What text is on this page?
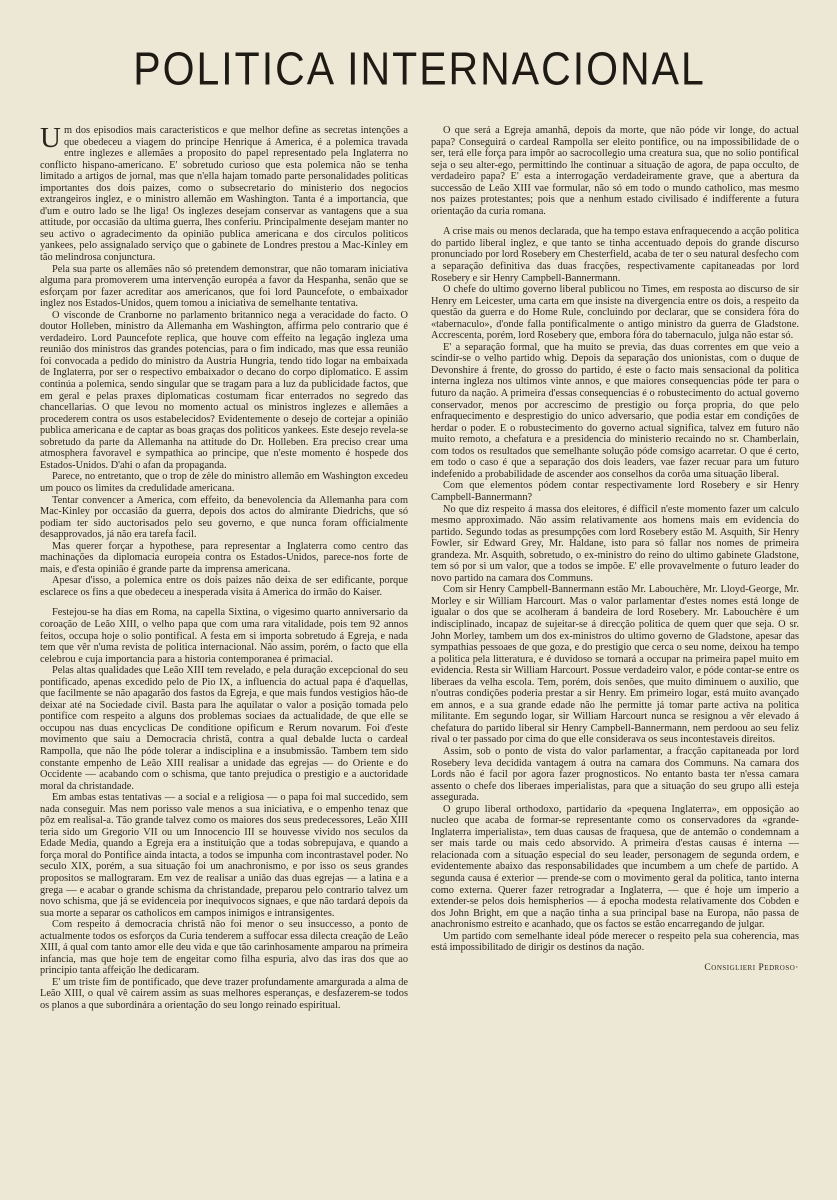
POLITICA INTERNACIONAL

Um dos episodios mais caracteristicos e que melhor define as secretas intenções a que obedeceu a viagem do principe Henrique á America, é a polemica travada entre inglezes e allemães a proposito do papel representado pela Inglaterra no conflicto hispano-americano. E' sobretudo curioso que esta polemica não se tenha limitado a artigos de jornal, mas que n'ella hajam tomado parte personalidades politicas importantes dos dois paizes, como o subsecretario do ministerio dos negocios extrangeiros inglez, e o ministro allemão em Washington. Tanta é a importancia, que d'um e outro lado se lhe liga! Os inglezes desejam conservar as vantagens que a sua attitude, por occasião da ultima guerra, lhes conferiu. Principalmente desejam manter no seu activo o agradecimento da opinião publica americana e dos circulos politicos yankees, pelo assignalado serviço que o gabinete de Londres prestou a Mac-Kinley em tão melindrosa conjunctura.

Pela sua parte os allemães não só pretendem demonstrar, que não tomaram iniciativa alguma para promoverem uma intervenção européa a favor da Hespanha, senão que se esforçam por fazer acreditar aos americanos, que foi lord Pauncefote, o embaixador inglez nos Estados-Unidos, quem tomou a iniciativa de semelhante tentativa.

O visconde de Cranborne no parlamento britannico nega a veracidade do facto. O doutor Holleben, ministro da Allemanha em Washington, affirma pelo contrario que é verdadeiro. Lord Pauncefote replica, que houve com effeito na legação ingleza uma reunião dos ministros das grandes potencias, para o fim indicado, mas que essa reunião foi convocada a pedido do ministro da Austria Hungria, tendo tido logar na embaixada de Inglaterra, por ser o respectivo embaixador o decano do corpo diplomatico. E assim continúa a polemica, sendo singular que se tragam para a luz da publicidade factos, que em geral e pelas praxes diplomaticas costumam ficar enterrados no segredo das chancellarias. O que levou no momento actual os ministros inglezes e allemães a procederem contra os usos estabelecidos? Evidentemente o desejo de cortejar a opinião publica americana e de captar as boas graças dos politicos yankees. Este desejo revela-se sobretudo da parte da Allemanha na attitude do Dr. Holleben. Era preciso crear uma atmosphera favoravel e sympathica ao principe, que n'este momento é hospede dos Estados-Unidos. D'ahi o afan da propaganda.

Parece, no entretanto, que o trop de zèle do ministro allemão em Washington excedeu um pouco os limites da credulidade americana.

Tentar convencer a America, com effeito, da benevolencia da Allemanha para com Mac-Kinley por occasião da guerra, depois dos actos do almirante Diedrichs, que só podiam ter sido auctorisados pelo seu governo, e que nunca foram officialmente desapprovados, já não era tarefa facil.

Mas querer forçar a hypothese, para representar a Inglaterra como centro das machinações da diplomacia europeia contra os Estados-Unidos, parece-nos forte de mais, e d'esta opinião é grande parte da imprensa americana.

Apesar d'isso, a polemica entre os dois paizes não deixa de ser edificante, porque esclarece os fins a que obedeceu a inesperada visita á America do irmão do Kaiser.

Festejou-se ha dias em Roma, na capella Sixtina, o vigesimo quarto anniversario da coroação de Leão XIII, o velho papa que com uma rara vitalidade, pois tem 92 annos feitos, occupa hoje o solio pontifical. A festa em si importa sobretudo á Egreja, e nada tem que vêr n'uma revista de politica internacional. Não assim, porém, o facto que ella celebrou e cuja importancia para a historia contemporanea é primacial.

Pelas altas qualidades que Leão XIII tem revelado, e pela duração excepcional do seu pontificado, apenas excedido pelo de Pio IX, a influencia do actual papa é d'aquellas, que facilmente se não apagarão dos fastos da Egreja, e que mais fundos vestigios hão-de deixar até na Sociedade civil. Basta para lhe aquilatar o valor a posição tomada pelo pontifice com respeito a alguns dos problemas sociaes da actualidade, de que elle se occupou nas duas encyclicas De conditione opificum e Rerum novarum. Foi d'este movimento que saiu a Democracia christã, contra a qual debalde lucta o cardeal Rampolla, que não lhe póde tolerar a indisciplina e a insubmissão. Tambem tem sido constante empenho de Leão XIII realisar a unidade das egrejas — do Oriente e do Occidente — acabando com o schisma, que tanto prejudica o prestigio e a auctoridade moral da christandade.

Em ambas estas tentativas — a social e a religiosa — o papa foi mal succedido, sem nada conseguir. Mas nem porisso vale menos a sua iniciativa, e o empenho tenaz que pôz em realisal-a. Tão grande talvez como os maiores dos seus predecessores, Leão XIII teria sido um Gregorio VII ou um Innocencio III se houvesse vivido nos seculos da Edade Media, quando a Egreja era a instituição que a todas sobrepujava, e quando a força moral do Pontifice ainda intacta, a todos se impunha com incontrastavel poder. No seculo XIX, porém, a sua situação foi um anachronismo, e por isso os seus grandes propositos se mallograram. Em vez de realisar a união das duas egrejas — a latina e a grega — e acabar o grande schisma da christandade, preparou pelo contrario talvez um novo schisma, que já se evidenceia por inequivocos signaes, e que não tardará depois da sua morte a separar os catholicos em campos inimigos e intransigentes.

Com respeito á democracia christã não foi menor o seu insuccesso, a ponto de actualmente todos os esforços da Curia tenderem a suffocar essa dilecta creação de Leão XIII, á qual com tanto amor elle deu vida e que tão carinhosamente amparou na primeira infancia, mas que hoje tem de engeitar como filha espuria, alvo das iras dos que ao principio tanta affeição lhe dedicaram.

E' um triste fim de pontificado, que deve trazer profundamente amargurada a alma de Leão XIII, o qual vê cairem assim as suas melhores esperanças, e desfazerem-se todos os planos a que subordinára a orientação do seu longo reinado espiritual.

O que será a Egreja amanhã, depois da morte, que não póde vir longe, do actual papa? Conseguirá o cardeal Rampolla ser eleito pontifice, ou na impossibilidade de o ser, terá elle força para impôr ao sacrocollegio uma creatura sua, que no solio pontifical seja o seu alter-ego, permittindo lhe continuar a situação de agora, de papa occulto, de verdadeiro papa? E' esta a interrogação verdadeiramente grave, que a abertura da successão de Leão XIII vae formular, não só em todo o mundo catholico, mas mesmo nos paizes protestantes; pois que a nenhum estado civilisado é indifferente a futura orientação da curia romana.

A crise mais ou menos declarada, que ha tempo estava enfraquecendo a acção politica do partido liberal inglez, e que tanto se tinha accentuado depois do grande discurso pronunciado por lord Rosebery em Chesterfield, acaba de ter o seu natural desfecho com a separação definitiva das duas fracções, respectivamente capitaneadas por lord Rosebery e sir Henry Campbell-Bannermann.

O chefe do ultimo governo liberal publicou no Times, em resposta ao discurso de sir Henry em Leicester, uma carta em que insiste na divergencia entre os dois, a respeito da questão da guerra e do Home Rule, concluindo por declarar, que se considera fóra do «tabernaculo», d'onde falla pontificalmente o antigo ministro da guerra de Gladstone. Accrescenta, porém, lord Rosebery que, embora fóra do tabernaculo, julga não estar só.

E' a separação formal, que ha muito se previa, das duas correntes em que veio a scindir-se o velho partido whig. Depois da separação dos unionistas, com o duque de Devonshire á frente, do grosso do partido, é este o facto mais sensacional da politica interna ingleza nos ultimos vinte annos, e que maiores consequencias póde ter para o futuro da nação. A primeira d'essas consequencias é o robustecimento do actual governo conservador, menos por accrescimo de prestigio ou força propria, do que pelo enfraquecimento e desprestigio do unico adversario, que podia estar em condições de herdar o poder. E o robustecimento do governo actual significa, talvez em futuro não muito remoto, a chefatura e a presidencia do ministerio recaindo no sr. Chamberlain, com todos os resultados que semelhante solução póde comsigo acarretar. O que é certo, em todo o caso é que a separação dos dois leaders, vae fazer recuar para um futuro indefenido a probabilidade de ascender aos conselhos da corôa uma situação liberal.

Com que elementos pódem contar respectivamente lord Rosebery e sir Henry Campbell-Bannermann?

No que diz respeito á massa dos eleitores, é difficil n'este momento fazer um calculo mesmo approximado. Não assim relativamente aos homens mais em evidencia do partido. Segundo todas as presumpções com lord Rosebery estão M. Asquith, Sir Henry Fowler, sir Edward Grey, Mr. Haldane, isto para só fallar nos nomes de primeira grandeza. Mr. Asquith, sobretudo, o ex-ministro do reino do ultimo gabinete Gladstone, tem só por si um valor, que a todos se impõe. E' elle provavelmente o futuro leader do novo partido na camara dos Communs.

Com sir Henry Campbell-Bannermann estão Mr. Labouchère, Mr. Lloyd-George, Mr. Morley e sir William Harcourt. Mas o valor parlamentar d'estes nomes está longe de igualar o dos que se acolheram á bandeira de lord Rosebery. Mr. Labouchère é um indisciplinado, incapaz de sujeitar-se á direcção politica de quem quer que seja. O sr. John Morley, tambem um dos ex-ministros do ultimo governo de Gladstone, apesar das sympathias pessoaes de que goza, e do prestigio que cerca o seu nome, deixou ha tempo a politica pela litteratura, e é duvidoso se tornará a occupar na primeira papel muito em evidencia. Resta sir William Harcourt. Possue verdadeiro valor, e póde contar-se entre os liberaes da velha escola. Tem, porém, dois senões, que muito diminuem o auxilio, que n'outras condições poderia prestar a sir Henry. Em primeiro logar, está muito avançado em annos, e a sua grande edade não lhe permitte já tomar parte activa na politica militante. Em segundo logar, sir William Harcourt nunca se resignou a vêr elevado á chefatura do partido liberal sir Henry Campbell-Bannermann, nem perdoou ao seu feliz rival o ter passado por cima do que elle considerava os seus incontestaveis direitos.

Assim, sob o ponto de vista do valor parlamentar, a fracção capitaneada por lord Rosebery leva decidida vantagem á outra na camara dos Communs. Na camara dos Lords não é facil por agora fazer prognosticos. No entanto basta ter n'essa camara assento o chefe dos liberaes imperialistas, para que a situação do seu grupo alli esteja assegurada.

O grupo liberal orthodoxo, partidario da «pequena Inglaterra», em opposição ao nucleo que acaba de formar-se representante como os conservadores da «grande-Inglaterra imperialista», tem duas causas de fraquesa, que de antemão o condemnam a ser mais tarde ou mais cedo absorvido. A primeira d'estas causas é interna — relacionada com a situação especial do seu leader, personagem de segunda ordem, e evidentemente abaixo das responsabilidades que incumbem a um chefe de partido. A segunda causa é exterior — prende-se com o movimento geral da politica, tanto interna como externa. Querer fazer retrogradar a Inglaterra, — que é hoje um imperio a extender-se pelos dois hemispherios — á epocha modesta relativamente dos Cobden e dos John Bright, em que a nação tinha a sua principal base na Europa, não passa de anachronismo estreito e acanhado, que os factos se estão encarregando de julgar.

Um partido com semelhante ideal póde merecer o respeito pela sua coherencia, mas está impossibilitado de dirigir os destinos da nação.

Consiglieri Pedroso·
